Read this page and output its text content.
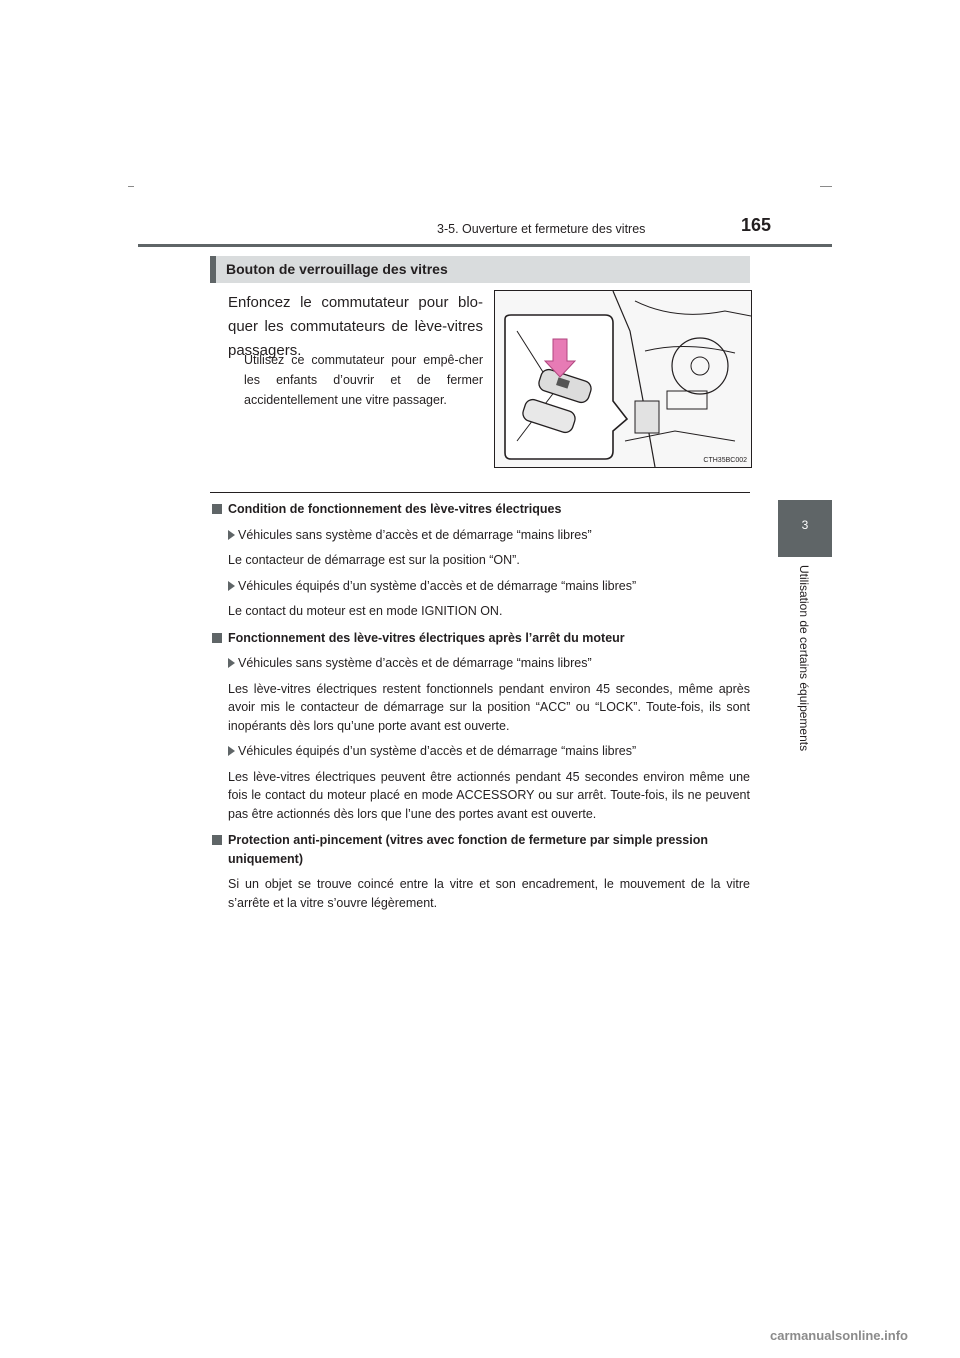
3-5. Ouverture et fermeture des vitres	165
3
Utilisation de certains équipements
Bouton de verrouillage des vitres
Enfoncez le commutateur pour blo-quer les commutateurs de lève-vitres passagers.
Utilisez ce commutateur pour empê-cher les enfants d’ouvrir et de fermer accidentellement une vitre passager.
CTH35BC002

Condition de fonctionnement des lève-vitres électriques

Véhicules sans système d’accès et de démarrage “mains libres”

Le contacteur de démarrage est sur la position “ON”.

Véhicules équipés d’un système d’accès et de démarrage “mains libres”

Le contact du moteur est en mode IGNITION ON.

Fonctionnement des lève-vitres électriques après l’arrêt du moteur

Véhicules sans système d’accès et de démarrage “mains libres”

Les lève-vitres électriques restent fonctionnels pendant environ 45 secondes, même après avoir mis le contacteur de démarrage sur la position “ACC” ou “LOCK”. Toute-fois, ils sont inopérants dès lors qu’une porte avant est ouverte.

Véhicules équipés d’un système d’accès et de démarrage “mains libres”

Les lève-vitres électriques peuvent être actionnés pendant 45 secondes environ même une fois le contact du moteur placé en mode ACCESSORY ou sur arrêt. Toute-fois, ils ne peuvent pas être actionnés dès lors que l’une des portes avant est ouverte.

Protection anti-pincement (vitres avec fonction de fermeture par simple pression uniquement)

Si un objet se trouve coincé entre la vitre et son encadrement, le mouvement de la vitre s’arrête et la vitre s’ouvre légèrement.

carmanualsonline.info
